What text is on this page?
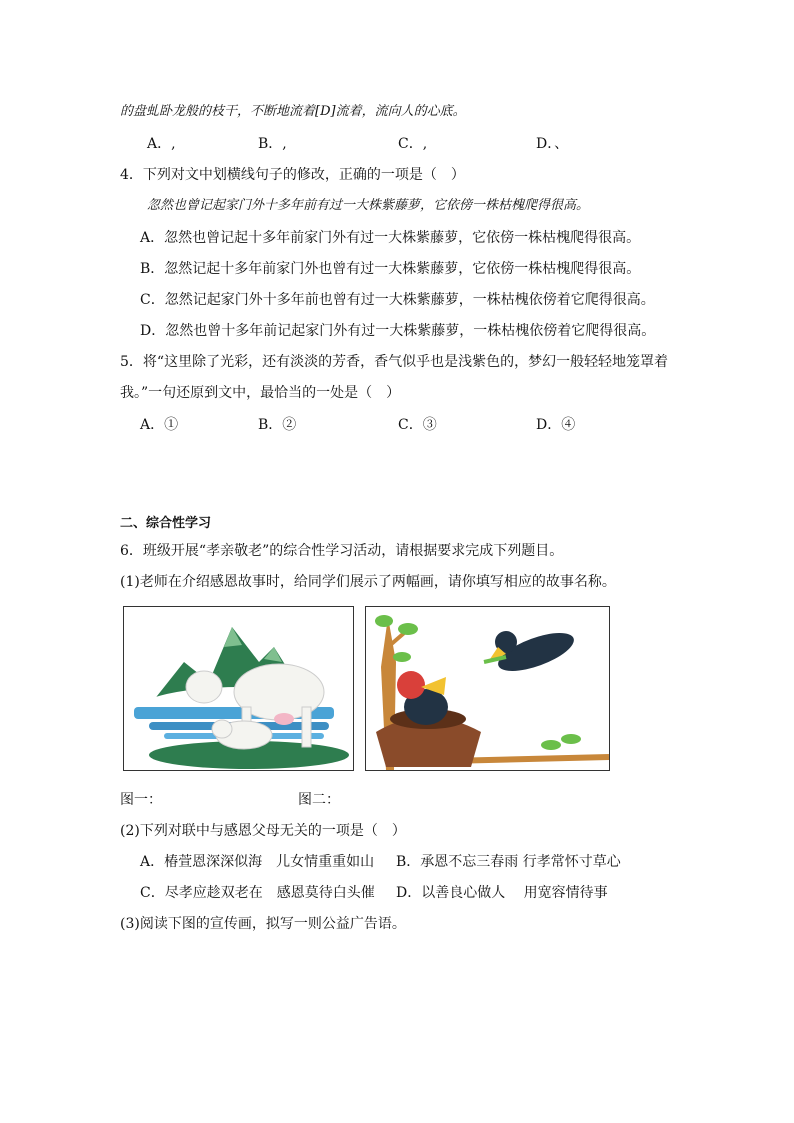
的盘虬卧龙般的枝干，不断地流着[D]流着，流向人的心底。
A．,	B．,	C．,	D．、
4．下列对文中划横线句子的修改，正确的一项是（　）
忽然也曾记起家门外十多年前有过一大株紫藤萝，它依傍一株枯槐爬得很高。
A．忽然也曾记起十多年前家门外有过一大株紫藤萝，它依傍一株枯槐爬得很高。
B．忽然记起十多年前家门外也曾有过一大株紫藤萝，它依傍一株枯槐爬得很高。
C．忽然记起家门外十多年前也曾有过一大株紫藤萝，一株枯槐依傍着它爬得很高。
D．忽然也曾十多年前记起家门外有过一大株紫藤萝，一株枯槐依傍着它爬得很高。
5．将“这里除了光彩，还有淡淡的芳香，香气似乎也是浅紫色的，梦幻一般轻轻地笼罩着
我。”一句还原到文中，最恰当的一处是（　）
A．①	B．②	C．③	D．④
二、综合性学习
6．班级开展“孝亲敬老”的综合性学习活动，请根据要求完成下列题目。
(1)老师在介绍感恩故事时，给同学们展示了两幅画，请你填写相应的故事名称。
图一：	图二：
(2)下列对联中与感恩父母无关的一项是（　）
A．椿萱恩深深似海　儿女情重重如山 B．承恩不忘三春雨 行孝常怀寸草心
C．尽孝应趁双老在　感恩莫待白头催 D．以善良心做人　 用宽容情待事
(3)阅读下图的宣传画，拟写一则公益广告语。
